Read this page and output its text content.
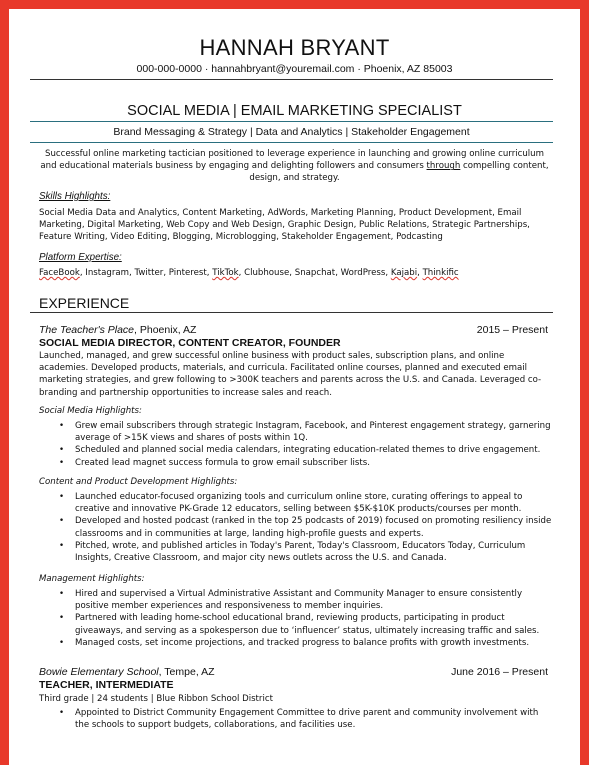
HANNAH BRYANT
000-000-0000 · hannahbryant@youremail.com · Phoenix, AZ 85003
SOCIAL MEDIA | EMAIL MARKETING SPECIALIST
Brand Messaging & Strategy | Data and Analytics | Stakeholder Engagement
Successful online marketing tactician positioned to leverage experience in launching and growing online curriculum and educational materials business by engaging and delighting followers and consumers through compelling content, design, and strategy.
Skills Highlights:
Social Media Data and Analytics, Content Marketing, AdWords, Marketing Planning, Product Development, Email Marketing, Digital Marketing, Web Copy and Web Design, Graphic Design, Public Relations, Strategic Partnerships, Feature Writing, Video Editing, Blogging, Microblogging, Stakeholder Engagement, Podcasting
Platform Expertise:
FaceBook, Instagram, Twitter, Pinterest, TikTok, Clubhouse, Snapchat, WordPress, Kajabi, Thinkific
EXPERIENCE
The Teacher's Place, Phoenix, AZ	2015 – Present
SOCIAL MEDIA DIRECTOR, CONTENT CREATOR, FOUNDER
Launched, managed, and grew successful online business with product sales, subscription plans, and online academies. Developed products, materials, and curricula. Facilitated online courses, planned and executed email marketing strategies, and grew following to >300K teachers and parents across the U.S. and Canada. Leveraged co-branding and partnership opportunities to increase sales and reach.
Social Media Highlights:
• Grew email subscribers through strategic Instagram, Facebook, and Pinterest engagement strategy, garnering average of >15K views and shares of posts within 1Q.
• Scheduled and planned social media calendars, integrating education-related themes to drive engagement.
• Created lead magnet success formula to grow email subscriber lists.
Content and Product Development Highlights:
• Launched educator-focused organizing tools and curriculum online store, curating offerings to appeal to creative and innovative PK-Grade 12 educators, selling between $5K-$10K products/courses per month.
• Developed and hosted podcast (ranked in the top 25 podcasts of 2019) focused on promoting resiliency inside classrooms and in communities at large, landing high-profile guests and experts.
• Pitched, wrote, and published articles in Today's Parent, Today's Classroom, Educators Today, Curriculum Insights, Creative Classroom, and major city news outlets across the U.S. and Canada.
Management Highlights:
• Hired and supervised a Virtual Administrative Assistant and Community Manager to ensure consistently positive member experiences and responsiveness to member inquiries.
• Partnered with leading home-school educational brand, reviewing products, participating in product giveaways, and serving as a spokesperson due to ‘influencer’ status, ultimately increasing traffic and sales.
• Managed costs, set income projections, and tracked progress to balance profits with growth investments.
Bowie Elementary School, Tempe, AZ	June 2016 – Present
TEACHER, INTERMEDIATE
Third grade | 24 students | Blue Ribbon School District
• Appointed to District Community Engagement Committee to drive parent and community involvement with the schools to support budgets, collaborations, and facilities use.
